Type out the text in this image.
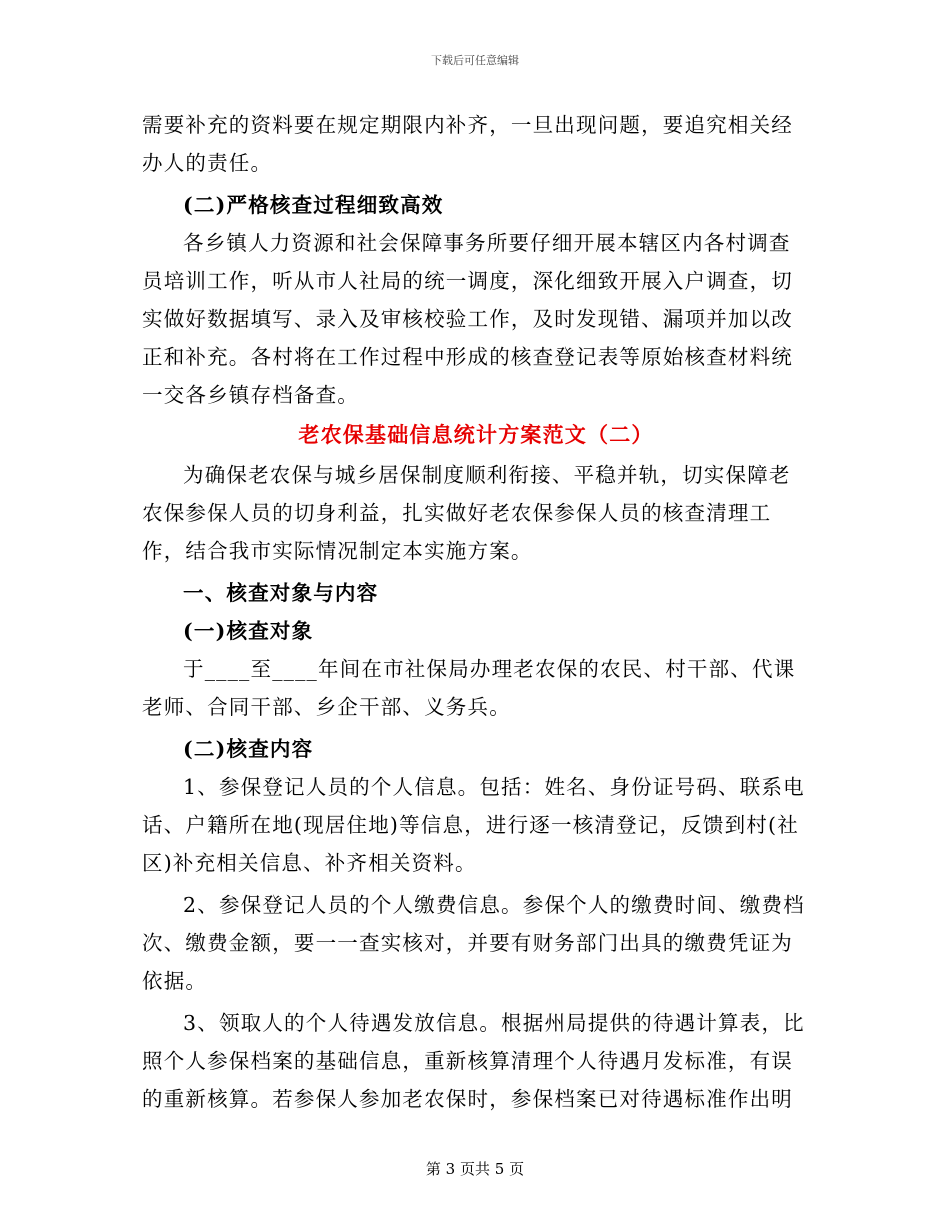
下载后可任意编辑

需要补充的资料要在规定期限内补齐，一旦出现问题，要追究相关经办人的责任。

(二)严格核查过程细致高效

各乡镇人力资源和社会保障事务所要仔细开展本辖区内各村调查员培训工作，听从市人社局的统一调度，深化细致开展入户调查，切实做好数据填写、录入及审核校验工作，及时发现错、漏项并加以改正和补充。各村将在工作过程中形成的核查登记表等原始核查材料统一交各乡镇存档备查。

老农保基础信息统计方案范文（二）

为确保老农保与城乡居保制度顺利衔接、平稳并轨，切实保障老农保参保人员的切身利益，扎实做好老农保参保人员的核查清理工作，结合我市实际情况制定本实施方案。

一、核查对象与内容

(一)核查对象

于____至____年间在市社保局办理老农保的农民、村干部、代课老师、合同干部、乡企干部、义务兵。

(二)核查内容

1、参保登记人员的个人信息。包括：姓名、身份证号码、联系电话、户籍所在地(现居住地)等信息，进行逐一核清登记，反馈到村(社区)补充相关信息、补齐相关资料。

2、参保登记人员的个人缴费信息。参保个人的缴费时间、缴费档次、缴费金额，要一一查实核对，并要有财务部门出具的缴费凭证为依据。

3、领取人的个人待遇发放信息。根据州局提供的待遇计算表，比照个人参保档案的基础信息，重新核算清理个人待遇月发标准，有误的重新核算。若参保人参加老农保时，参保档案已对待遇标准作出明

第 3 页共 5 页
